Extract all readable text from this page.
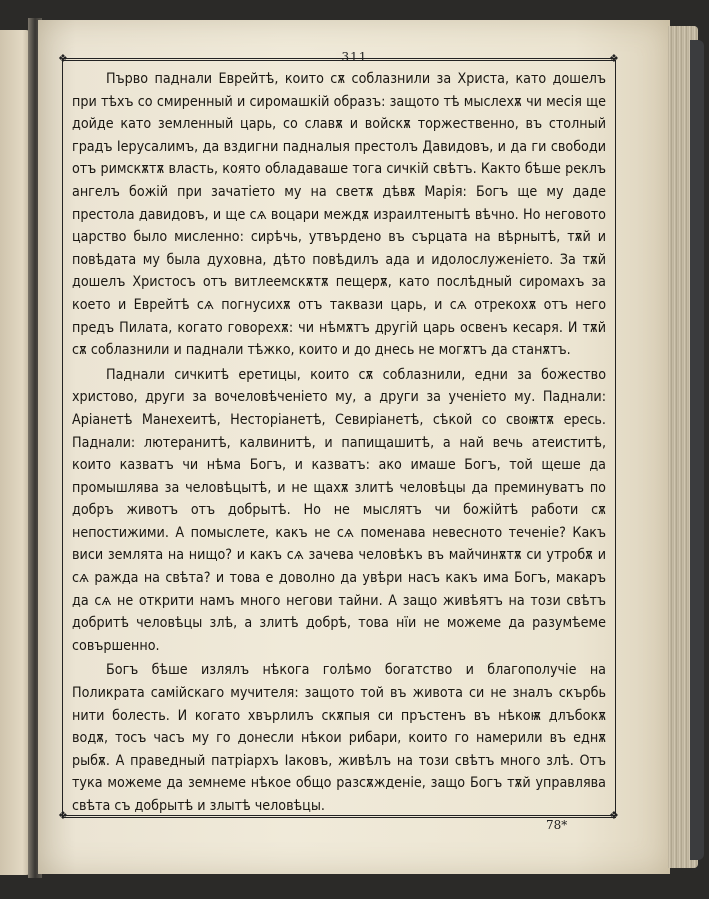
311
❖	❖
❖	❖

Първо паднали Еврейтѣ, които сѫ соблазнили за Христа, като дошелъ при тѣхъ со смиренный и сиромашкій образъ: защото тѣ мыслехѫ чи месія ще дойде като земленный царь, со славѫ и войскѫ торжественно, въ столный градъ Іерусалимъ, да вздигни падналыя престолъ Давидовъ, и да ги свободи отъ римскѫтѫ власть, която обладаваше тога сичкій свѣтъ. Както бѣше реклъ ангелъ божій при зачатіето му на светѫ дѣвѫ Марія: Богъ ще му даде престола давидовъ, и ще сѧ воцари междѫ израилтенытѣ вѣчно. Но неговото царство было мисленно: сирѣчь, утвърдено въ сърцата на вѣрнытѣ, тѫй и повѣдата му была духовна, дѣто повѣдилъ ада и идолослуженіето. За тѫй дошелъ Христосъ отъ витлеемскѫтѫ пещерѫ, като послѣдный сиромахъ за което и Еврейтѣ сѧ погнусихѫ отъ таквази царь, и сѧ отрекохѫ отъ него предъ Пилата, когато говорехѫ: чи нѣмѫтъ другій царь освенъ кесаря. И тѫй сѫ соблазнили и паднали тѣжко, които и до днесь не могѫтъ да станѫтъ.

Паднали сичкитѣ еретицы, които сѫ соблазнили, едни за божество христово, други за вочеловѣченіето му, а други за ученіето му. Паднали: Аріанетѣ Манехеитѣ, Несторіанетѣ, Севиріанетѣ, сѣкой со своѭтѫ ересь. Паднали: лютеранитѣ, калвинитѣ, и папищашитѣ, а най вечь атеиститѣ, които казватъ чи нѣма Богъ, и казватъ: ако имаше Богъ, той щеше да промышлява за человѣцытѣ, и не щахѫ злитѣ человѣцы да преминуватъ по добръ животъ отъ добрытѣ. Но не мыслятъ чи божійтѣ работи сѫ непостижими. А помыслете, какъ не сѧ поменава невесното теченіе? Какъ виси землята на нищо? и какъ сѧ зачева человѣкъ въ майчинѫтѫ си утробѫ и сѧ ражда на свѣта? и това е доволно да увѣри насъ какъ има Богъ, макаръ да сѧ не открити намъ много негови тайни. А защо живѣятъ на този свѣтъ добритѣ человѣцы злѣ, а злитѣ добрѣ, това нїи не можеме да разумѣеме совършенно.

Богъ бѣше излялъ нѣкога голѣмо богатство и благополучіе на Поликрата самійскаго мучителя: защото той въ живота си не зналъ скърбь нити болесть. И когато хвърлилъ скѫпыя си пръстенъ въ нѣкоѭ длъбокѫ водѫ, тосъ часъ му го донесли нѣкои рибари, които го намерили въ еднѫ рыбѫ. А праведный патріархъ Іаковъ, живѣлъ на този свѣтъ много злѣ. Отъ тука можеме да земнеме нѣкое общо разсѫжденіе, защо Богъ тѫй управлява свѣта съ добрытѣ и злытѣ человѣцы.

78*
